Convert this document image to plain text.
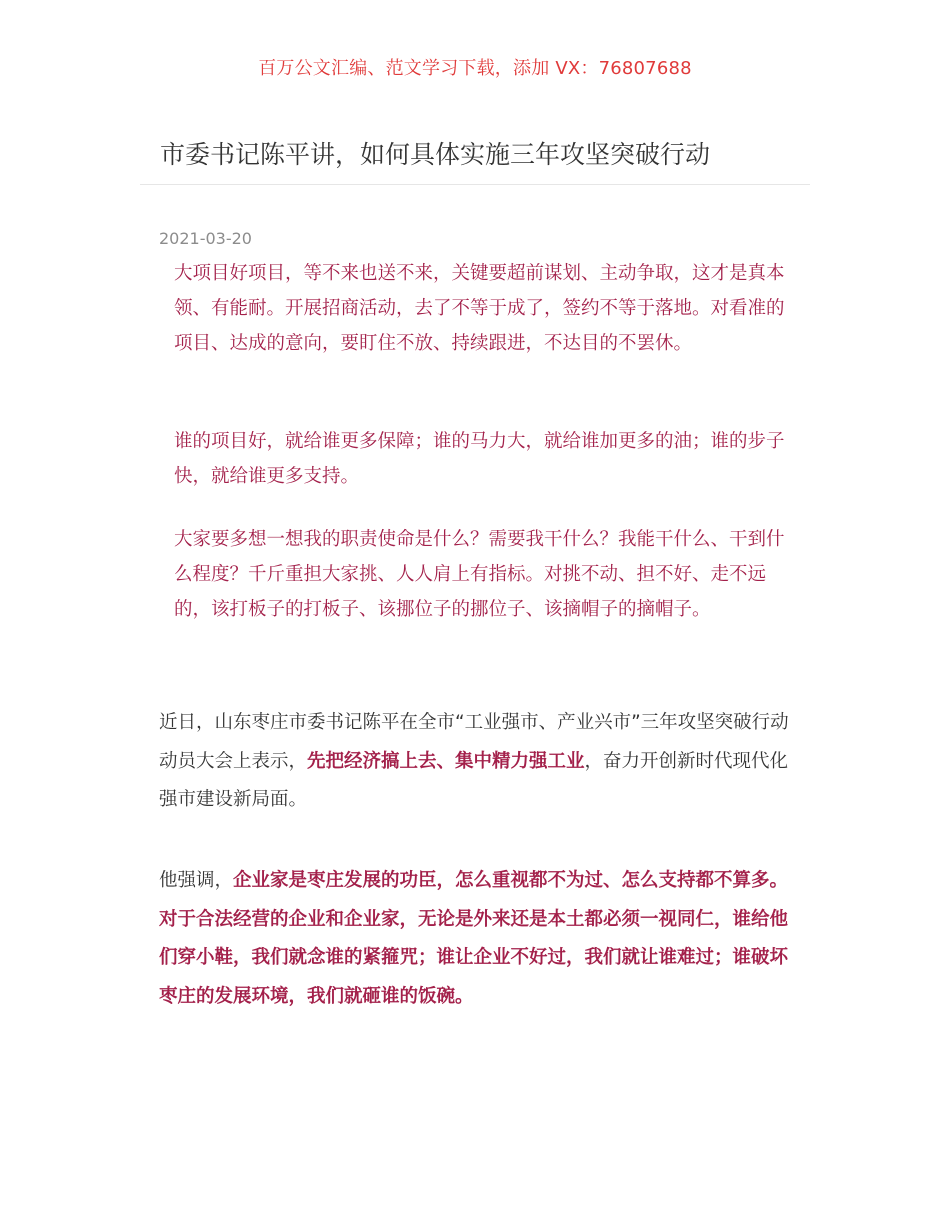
百万公文汇编、范文学习下载，添加 VX：76807688
市委书记陈平讲，如何具体实施三年攻坚突破行动
2021-03-20

大项目好项目，等不来也送不来，关键要超前谋划、主动争取，这才是真本领、有能耐。开展招商活动，去了不等于成了，签约不等于落地。对看准的项目、达成的意向，要盯住不放、持续跟进，不达目的不罢休。

谁的项目好，就给谁更多保障；谁的马力大，就给谁加更多的油；谁的步子快，就给谁更多支持。

大家要多想一想我的职责使命是什么？需要我干什么？我能干什么、干到什么程度？千斤重担大家挑、人人肩上有指标。对挑不动、担不好、走不远的，该打板子的打板子、该挪位子的挪位子、该摘帽子的摘帽子。

近日，山东枣庄市委书记陈平在全市“工业强市、产业兴市”三年攻坚突破行动动员大会上表示，先把经济搞上去、集中精力强工业，奋力开创新时代现代化强市建设新局面。

他强调，企业家是枣庄发展的功臣，怎么重视都不为过、怎么支持都不算多。对于合法经营的企业和企业家，无论是外来还是本土都必须一视同仁，谁给他们穿小鞋，我们就念谁的紧箍咒；谁让企业不好过，我们就让谁难过；谁破坏枣庄的发展环境，我们就砸谁的饭碗。
